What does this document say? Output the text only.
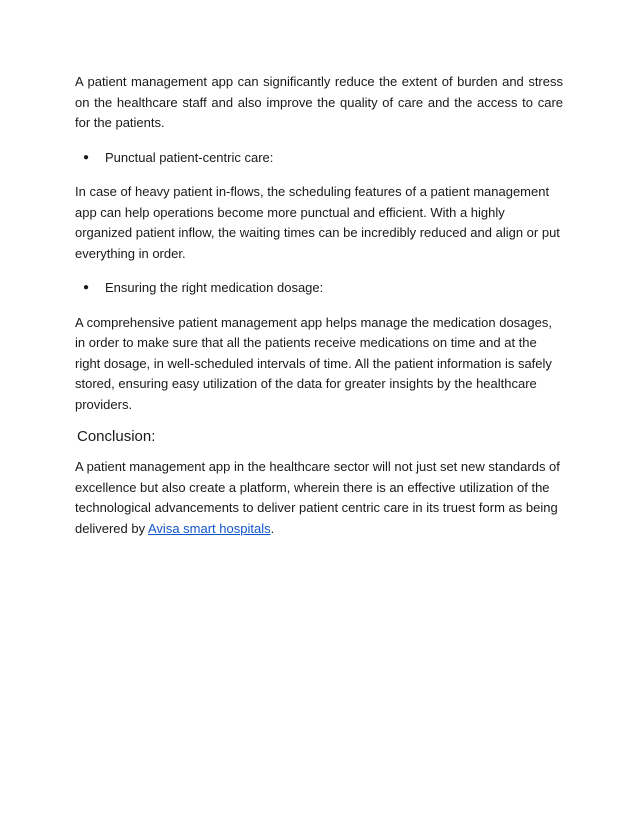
A patient management app can significantly reduce the extent of burden and stress on the healthcare staff and also improve the quality of care and the access to care for the patients.

●	Punctual patient-centric care:

In case of heavy patient in-flows, the scheduling features of a patient management app can help operations become more punctual and efficient. With a highly organized patient inflow, the waiting times can be incredibly reduced and align or put everything in order.

●	Ensuring the right medication dosage:

A comprehensive patient management app helps manage the medication dosages, in order to make sure that all the patients receive medications on time and at the right dosage, in well-scheduled intervals of time. All the patient information is safely stored, ensuring easy utilization of the data for greater insights by the healthcare providers.

Conclusion:

A patient management app in the healthcare sector will not just set new standards of excellence but also create a platform, wherein there is an effective utilization of the technological advancements to deliver patient centric care in its truest form as being delivered by Avisa smart hospitals.
